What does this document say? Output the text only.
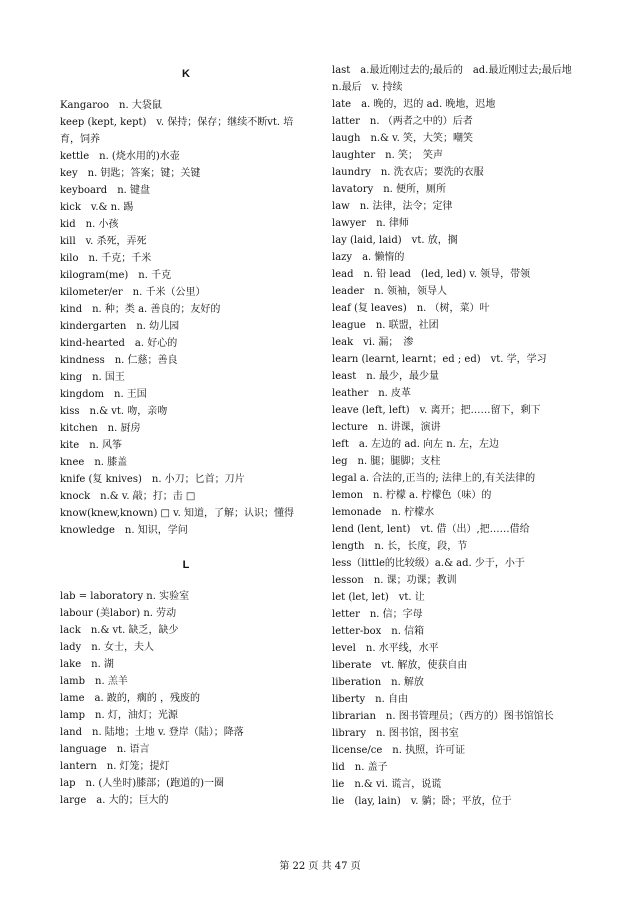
K

Kangaroo　n. 大袋鼠

keep (kept, kept)　v. 保持；保存；继续不断vt. 培育，饲养

kettle　n. (烧水用的)水壶

key　n. 钥匙；答案；键；关键

keyboard　n. 键盘

kick　v.& n. 踢

kid　n. 小孩

kill　v. 杀死，弄死

kilo　n. 千克；千米

kilogram(me)　n. 千克

kilometer/er　n. 千米（公里）

kind　n. 种；类 a. 善良的；友好的

kindergarten　n. 幼儿园

kind-hearted　a. 好心的

kindness　n. 仁慈；善良

king　n. 国王

kingdom　n. 王国

kiss　n.& vt. 吻，亲吻

kitchen　n. 厨房

kite　n. 风筝

knee　n. 膝盖

knife (复 knives)　n. 小刀；匕首；刀片

knock　n.& v. 敲；打；击 □

know(knew,known) □ v. 知道，了解；认识；懂得

knowledge　n. 知识，学问

L

lab = laboratory n. 实验室

labour (美labor) n. 劳动

lack　n.& vt. 缺乏，缺少

lady　n. 女士，夫人

lake　n. 湖

lamb　n. 羔羊

lame　a. 跛的，瘸的 ，残废的

lamp　n. 灯，油灯；光源

land　n. 陆地；土地 v. 登岸（陆）；降落

language　n. 语言

lantern　n. 灯笼；提灯

lap　n. (人坐时)膝部；(跑道的)一圈

large　a. 大的；巨大的

last　a.最近刚过去的;最后的　ad.最近刚过去;最后地 n.最后　v. 持续

late　a. 晚的，迟的 ad. 晚地，迟地

latter　n. （两者之中的）后者

laugh　n.& v. 笑，大笑；嘲笑

laughter　n. 笑；　笑声

laundry　n. 洗衣店；要洗的衣服

lavatory　n. 便所，厕所

law　n. 法律，法令；定律

lawyer　n. 律师

lay (laid, laid)　vt. 放，搁

lazy　a. 懒惰的

lead　n. 铅 lead　(led, led) v. 领导，带领

leader　n. 领袖，领导人

leaf (复 leaves)　n. （树，菜）叶

league　n. 联盟，社团

leak　vi. 漏；　渗

learn (learnt, learnt；ed ; ed)　vt. 学，学习

least　n. 最少，最少量

leather　n. 皮革

leave (left, left)　v. 离开；把……留下，剩下

lecture　n. 讲课，演讲

left　a. 左边的 ad. 向左 n. 左，左边

leg　n. 腿；腿脚；支柱

legal a. 合法的,正当的; 法律上的,有关法律的

lemon　n. 柠檬 a. 柠檬色（味）的

lemonade　n. 柠檬水

lend (lent, lent)　vt. 借（出）,把……借给

length　n. 长，长度，段，节

less（little的比较级）a.& ad. 少于，小于

lesson　n. 课；功课；教训

let (let, let)　vt. 让

letter　n. 信；字母

letter-box　n. 信箱

level　n. 水平线，水平

liberate　vt. 解放，使获自由

liberation　n. 解放

liberty　n. 自由

librarian　n. 图书管理员；（西方的）图书馆馆长

library　n. 图书馆，图书室

license/ce　n. 执照，许可证

lid　n. 盖子

lie　n.& vi. 谎言，说谎

lie　(lay, lain)　v. 躺；卧；平放，位于

第 22 页 共 47 页
